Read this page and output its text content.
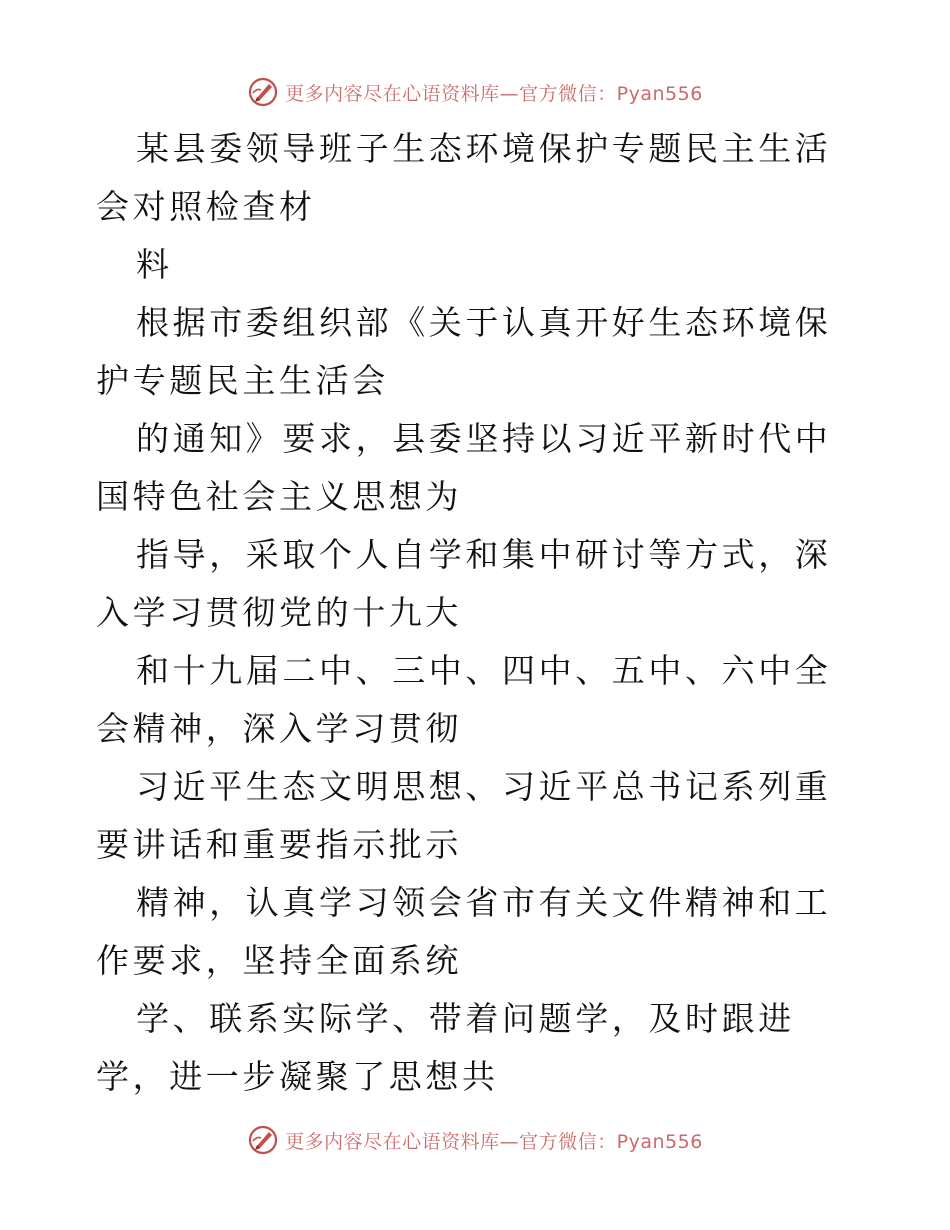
更多内容尽在心语资料库—官方微信：Pyan556

某县委领导班子生态环境保护专题民主生活会对照检查材

料

根据市委组织部《关于认真开好生态环境保护专题民主生活会

的通知》要求，县委坚持以习近平新时代中国特色社会主义思想为

指导，采取个人自学和集中研讨等方式，深入学习贯彻党的十九大

和十九届二中、三中、四中、五中、六中全会精神，深入学习贯彻

习近平生态文明思想、习近平总书记系列重要讲话和重要指示批示

精神，认真学习领会省市有关文件精神和工作要求，坚持全面系统

学、联系实际学、带着问题学，及时跟进学，进一步凝聚了思想共

更多内容尽在心语资料库—官方微信：Pyan556
